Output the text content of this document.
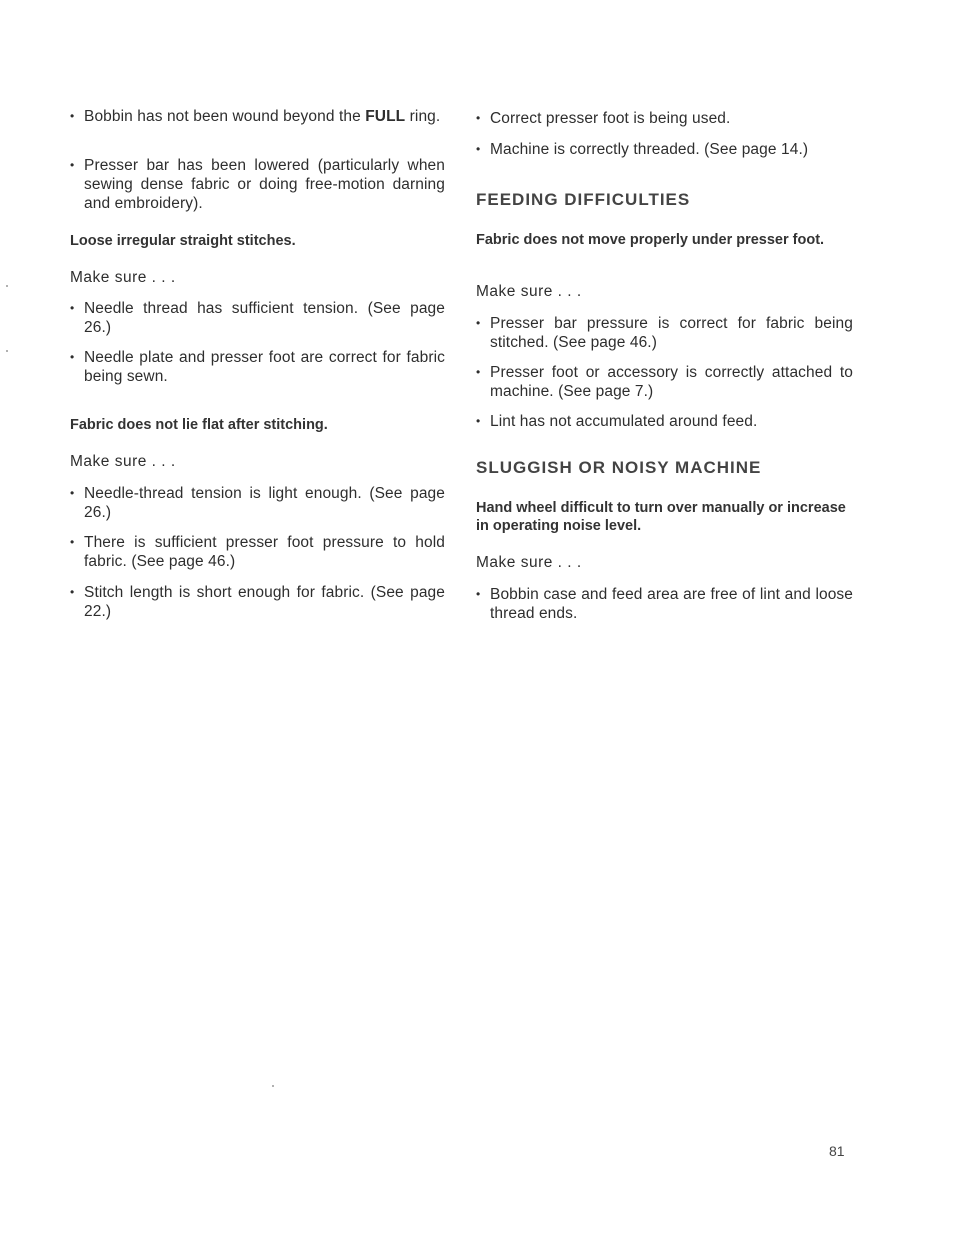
• Bobbin has not been wound beyond the FULL ring.
• Presser bar has been lowered (particularly when sewing dense fabric or doing free-motion darning and embroidery).
Loose irregular straight stitches.
Make sure . . .
• Needle thread has sufficient tension. (See page 26.)
• Needle plate and presser foot are correct for fabric being sewn.
Fabric does not lie flat after stitching.
Make sure . . .
• Needle-thread tension is light enough. (See page 26.)
• There is sufficient presser foot pressure to hold fabric. (See page 46.)
• Stitch length is short enough for fabric. (See page 22.)
• Correct presser foot is being used.
• Machine is correctly threaded. (See page 14.)
FEEDING DIFFICULTIES
Fabric does not move properly under presser foot.
Make sure . . .
• Presser bar pressure is correct for fabric being stitched. (See page 46.)
• Presser foot or accessory is correctly attached to machine. (See page 7.)
• Lint has not accumulated around feed.
SLUGGISH OR NOISY MACHINE
Hand wheel difficult to turn over manually or increase in operating noise level.
Make sure . . .
• Bobbin case and feed area are free of lint and loose thread ends.
81
